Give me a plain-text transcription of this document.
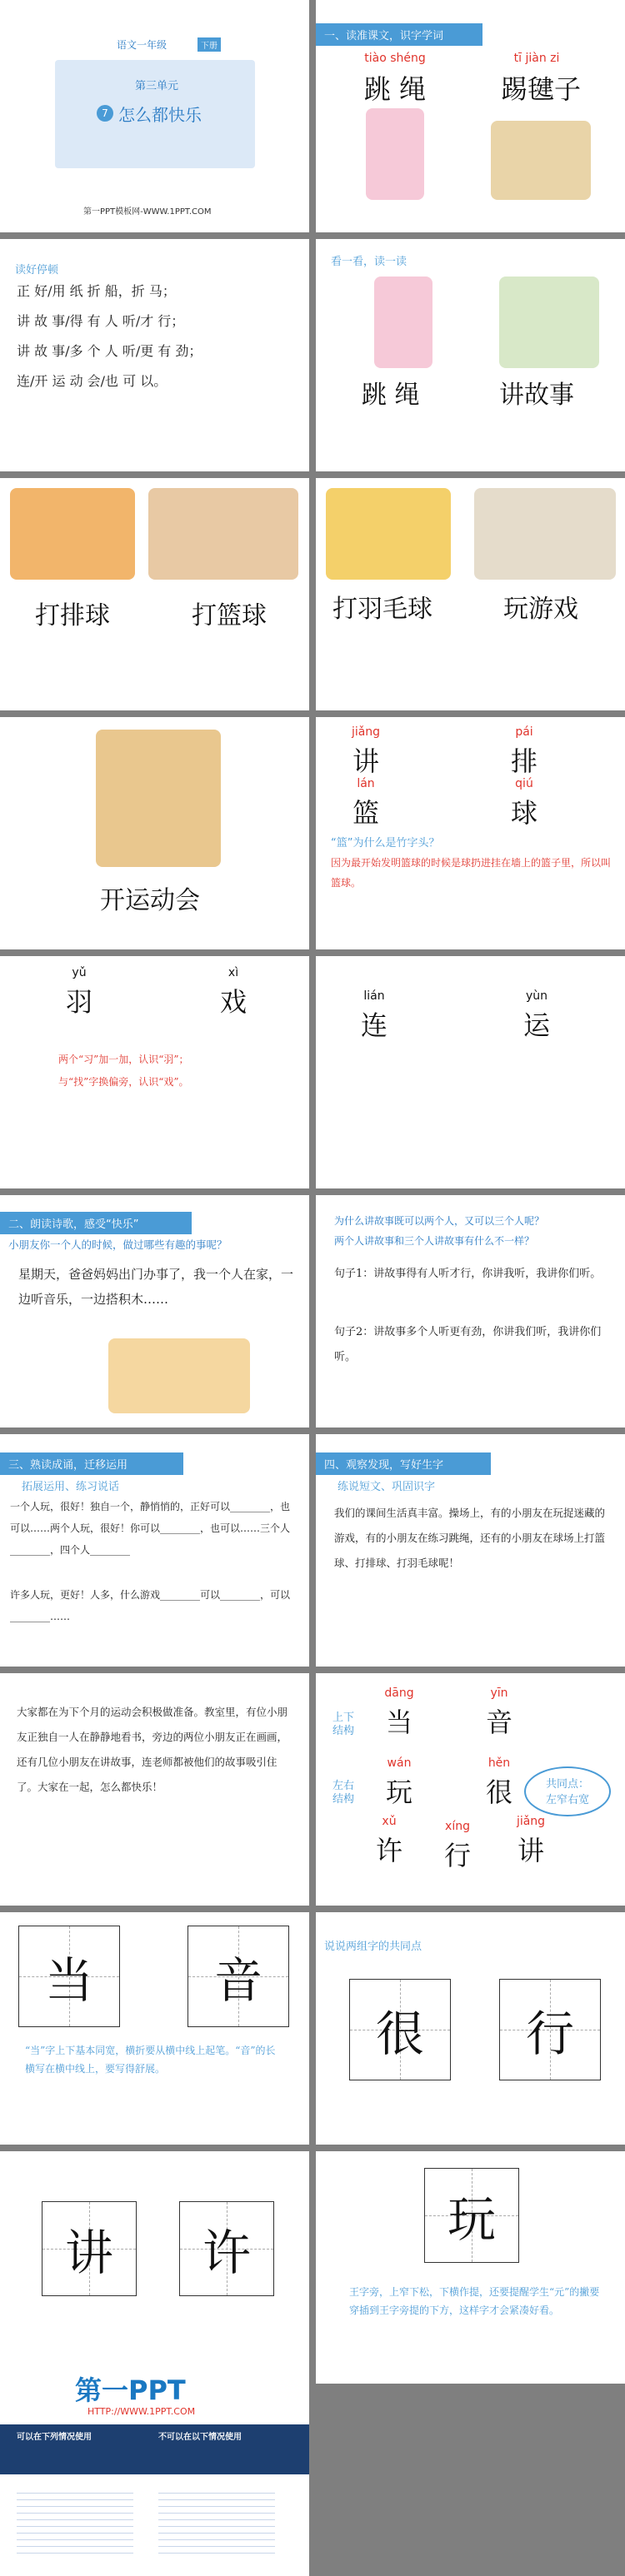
语文一年级	下册
第三单元
7 怎么都快乐
第一PPT模板网-WWW.1PPT.COM
一、读准课文，识字学词
tiào shéng
跳 绳
tī jiàn zi
踢毽子
读好停顿
正 好/用 纸 折 船，折 马；
讲 故 事/得 有 人 听/才 行；
讲 故 事/多 个 人 听/更 有 劲；
连/开 运 动 会/也 可 以。
看一看，读一读
跳 绳	讲故事
打排球	打篮球	打羽毛球	玩游戏
开运动会
jiǎng
讲
pái
排
lán
篮
qiú
球
“篮”为什么是竹字头？
因为最开始发明篮球的时候是球扔进挂在墙上的篮子里，所以叫篮球。
yǔ
羽
xì
戏
两个“习”加一加，认识“羽”；
与“找”字换偏旁，认识“戏”。
lián
连
yùn
运
二、朗读诗歌，感受“快乐”
小朋友你一个人的时候，做过哪些有趣的事呢？
星期天，爸爸妈妈出门办事了，我一个人在家，一边听音乐，一边搭积木……
为什么讲故事既可以两个人，又可以三个人呢？
两个人讲故事和三个人讲故事有什么不一样？
句子1：讲故事得有人听才行，你讲我听，我讲你们听。
句子2：讲故事多个人听更有劲，你讲我们听，我讲你们听。
三、熟读成诵，迁移运用
拓展运用、练习说话
一个人玩，很好！独自一个，静悄悄的，正好可以________，也可以……两个人玩，很好！你可以________，也可以……三个人________，四个人________
许多人玩，更好！人多，什么游戏________可以________，可以________……
四、观察发现，写好生字
练说短文、巩固识字
我们的课间生活真丰富。操场上，有的小朋友在玩捉迷藏的游戏，有的小朋友在练习跳绳，还有的小朋友在球场上打篮球、打排球、打羽毛球呢！
大家都在为下个月的运动会积极做准备。教室里，有位小朋友正独自一人在静静地看书，旁边的两位小朋友正在画画，还有几位小朋友在讲故事，连老师都被他们的故事吸引住了。大家在一起，怎么都快乐！
上下结构
左右结构
dāng
当
yīn
音
wán
玩
hěn
很
xǔ
许
xíng
行
jiǎng
讲
共同点：
左窄右宽
当	音
“当”字上下基本同宽，横折要从横中线上起笔。“音”的长横写在横中线上，要写得舒展。
说说两组字的共同点
很	行
讲	许
玩
王字旁，上窄下松，下横作提，还要提醒学生“元”的撇要穿插到王字旁提的下方，这样字才会紧凑好看。
第一PPT
HTTP://WWW.1PPT.COM
可以在下列情况使用	不可以在以下情况使用
